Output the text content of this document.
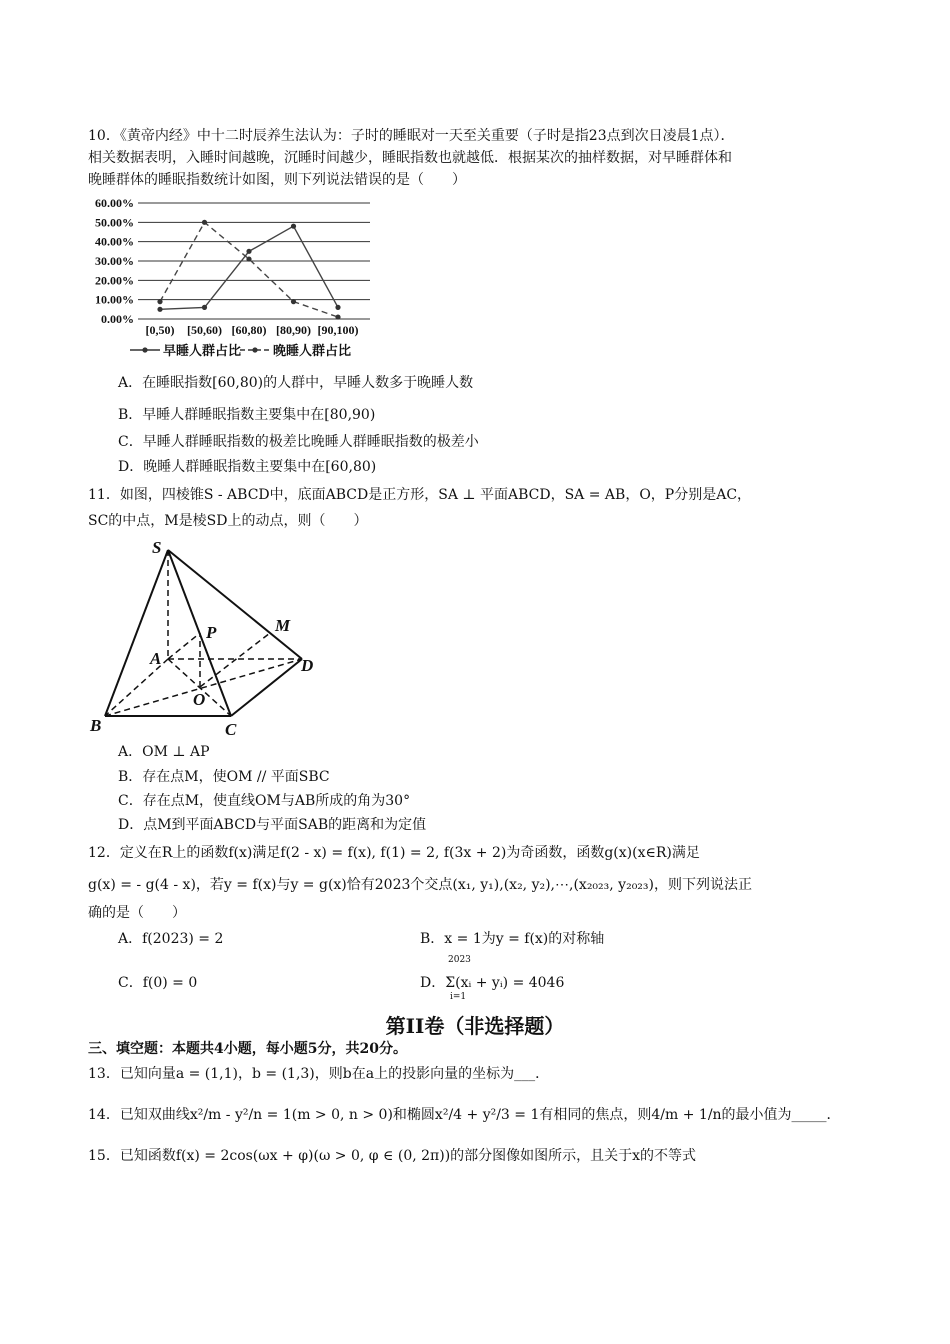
10．《黄帝内经》中十二时辰养生法认为：子时的睡眠对一天至关重要（子时是指23点到次日凌晨1点）．
相关数据表明，入睡时间越晚，沉睡时间越少，睡眠指数也就越低．根据某次的抽样数据，对早睡群体和
晚睡群体的睡眠指数统计如图，则下列说法错误的是（　　）
0.00%
10.00%
20.00%
30.00%
40.00%
50.00%
60.00%
[0,50) [50,60) [60,80) [80,90) [90,100)
早睡人群占比 晚睡人群占比
A．在睡眠指数[60,80)的人群中，早睡人数多于晚睡人数
B．早睡人群睡眠指数主要集中在[80,90)
C．早睡人群睡眠指数的极差比晚睡人群睡眠指数的极差小
D．晚睡人群睡眠指数主要集中在[60,80)
11．如图，四棱锥S - ABCD中，底面ABCD是正方形，SA ⊥ 平面ABCD，SA = AB，O，P分别是AC，
SC的中点，M是棱SD上的动点，则（　　）
S
P	M
A	D
O
B	C
A．OM ⊥ AP
B．存在点M，使OM // 平面SBC
C．存在点M，使直线OM与AB所成的角为30°
D．点M到平面ABCD与平面SAB的距离和为定值
12．定义在R上的函数f(x)满足f(2 - x) = f(x), f(1) = 2, f(3x + 2)为奇函数，函数g(x)(x∈R)满足
g(x) = - g(4 - x)，若y = f(x)与y = g(x)恰有2023个交点(x₁, y₁),(x₂, y₂),⋯,(x₂₀₂₃, y₂₀₂₃)，则下列说法正
确的是（　　）
A．f(2023) = 2	B．x = 1为y = f(x)的对称轴
C．f(0) = 0	D．Σ(xᵢ + yᵢ) = 4046
2023
i=1
第II卷（非选择题）
三、填空题：本题共4小题，每小题5分，共20分。
13．已知向量a = (1,1)，b = (1,3)，则b在a上的投影向量的坐标为___．
14．已知双曲线x²/m - y²/n = 1(m > 0, n > 0)和椭圆x²/4 + y²/3 = 1有相同的焦点，则4/m + 1/n的最小值为_____．
15．已知函数f(x) = 2cos(ωx + φ)(ω > 0, φ ∈ (0, 2π))的部分图像如图所示，且关于x的不等式
